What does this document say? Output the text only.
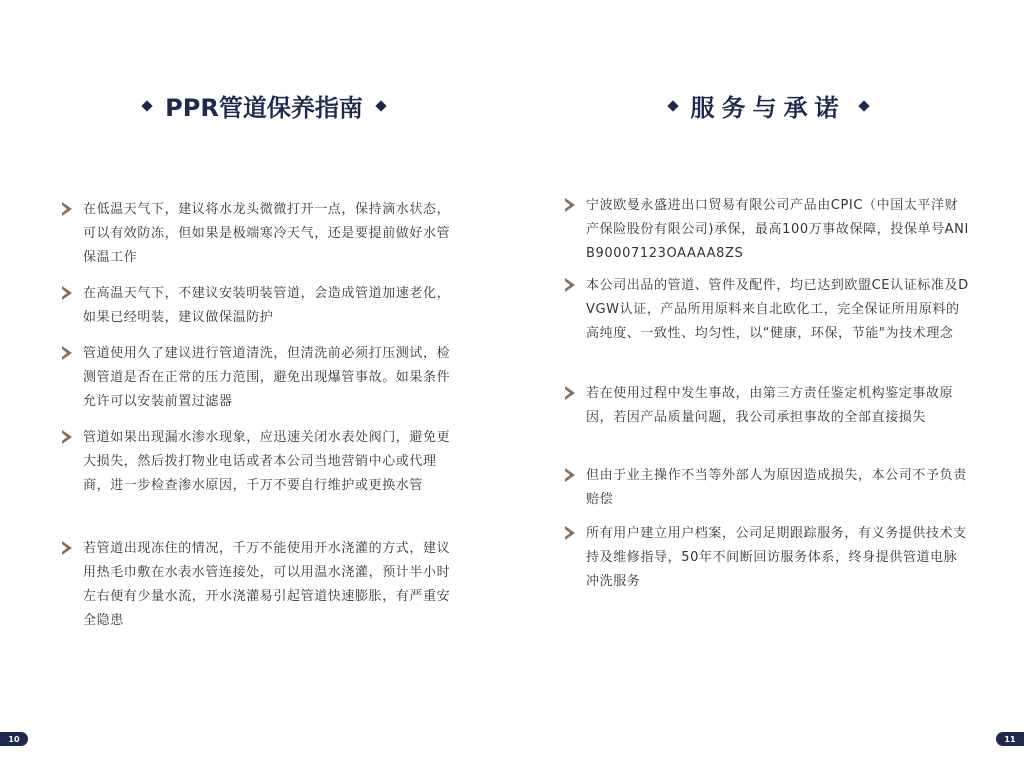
PPR管道保养指南
在低温天气下，建议将水龙头微微打开一点，保持滴水状态，可以有效防冻，但如果是极端寒冷天气，还是要提前做好水管保温工作
在高温天气下，不建议安装明装管道，会造成管道加速老化，如果已经明装，建议做保温防护
管道使用久了建议进行管道清洗，但清洗前必须打压测试，检测管道是否在正常的压力范围，避免出现爆管事故。如果条件允许可以安装前置过滤器
管道如果出现漏水渗水现象，应迅速关闭水表处阀门，避免更大损失，然后拨打物业电话或者本公司当地营销中心或代理商，进一步检查渗水原因，千万不要自行维护或更换水管
若管道出现冻住的情况，千万不能使用开水浇灌的方式，建议用热毛巾敷在水表水管连接处，可以用温水浇灌，预计半小时左右便有少量水流，开水浇灌易引起管道快速膨胀，有严重安全隐患
10
服务与承诺
宁波欧曼永盛进出口贸易有限公司产品由CPIC（中国太平洋财产保险股份有限公司)承保，最高100万事故保障，投保单号ANIB90007123OAAAA8ZS
本公司出品的管道、管件及配件，均已达到欧盟CE认证标准及DVGW认证，产品所用原料来自北欧化工，完全保证所用原料的高纯度、一致性、均匀性，以“健康，环保，节能"为技术理念
若在使用过程中发生事故，由第三方责任鉴定机构鉴定事故原因，若因产品质量问题，我公司承担事故的全部直接损失
但由于业主操作不当等外部人为原因造成损失，本公司不予负责赔偿
所有用户建立用户档案，公司足期跟踪服务，有义务提供技术支持及维修指导，50年不间断回访服务体系，终身提供管道电脉冲洗服务
11
